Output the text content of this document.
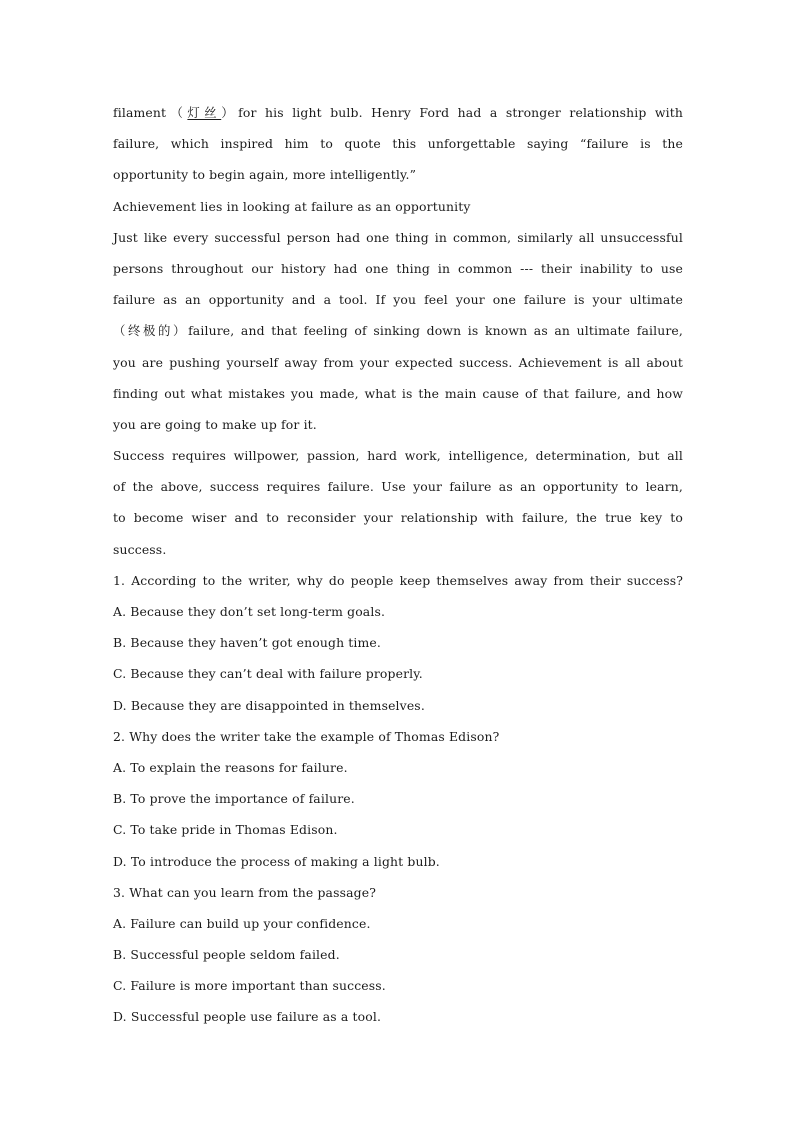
filament（灯丝）for his light bulb. Henry Ford had a stronger relationship with
failure, which inspired him to quote this unforgettable saying “failure is the
opportunity to begin again, more intelligently.”
Achievement lies in looking at failure as an opportunity
Just like every successful person had one thing in common, similarly all unsuccessful
persons throughout our history had one thing in common --- their inability to use
failure as an opportunity and a tool. If you feel your one failure is your ultimate
（终极的）failure, and that feeling of sinking down is known as an ultimate failure,
you are pushing yourself away from your expected success. Achievement is all about
finding out what mistakes you made, what is the main cause of that failure, and how
you are going to make up for it.
Success requires willpower, passion, hard work, intelligence, determination, but all
of the above, success requires failure. Use your failure as an opportunity to learn,
to become wiser and to reconsider your relationship with failure, the true key to
success.
1. According to the writer, why do people keep themselves away from their success?
A. Because they don’t set long-term goals.
B. Because they haven’t got enough time.
C. Because they can’t deal with failure properly.
D. Because they are disappointed in themselves.
2. Why does the writer take the example of Thomas Edison?
A. To explain the reasons for failure.
B. To prove the importance of failure.
C. To take pride in Thomas Edison.
D. To introduce the process of making a light bulb.
3. What can you learn from the passage?
A. Failure can build up your confidence.
B. Successful people seldom failed.
C. Failure is more important than success.
D. Successful people use failure as a tool.
